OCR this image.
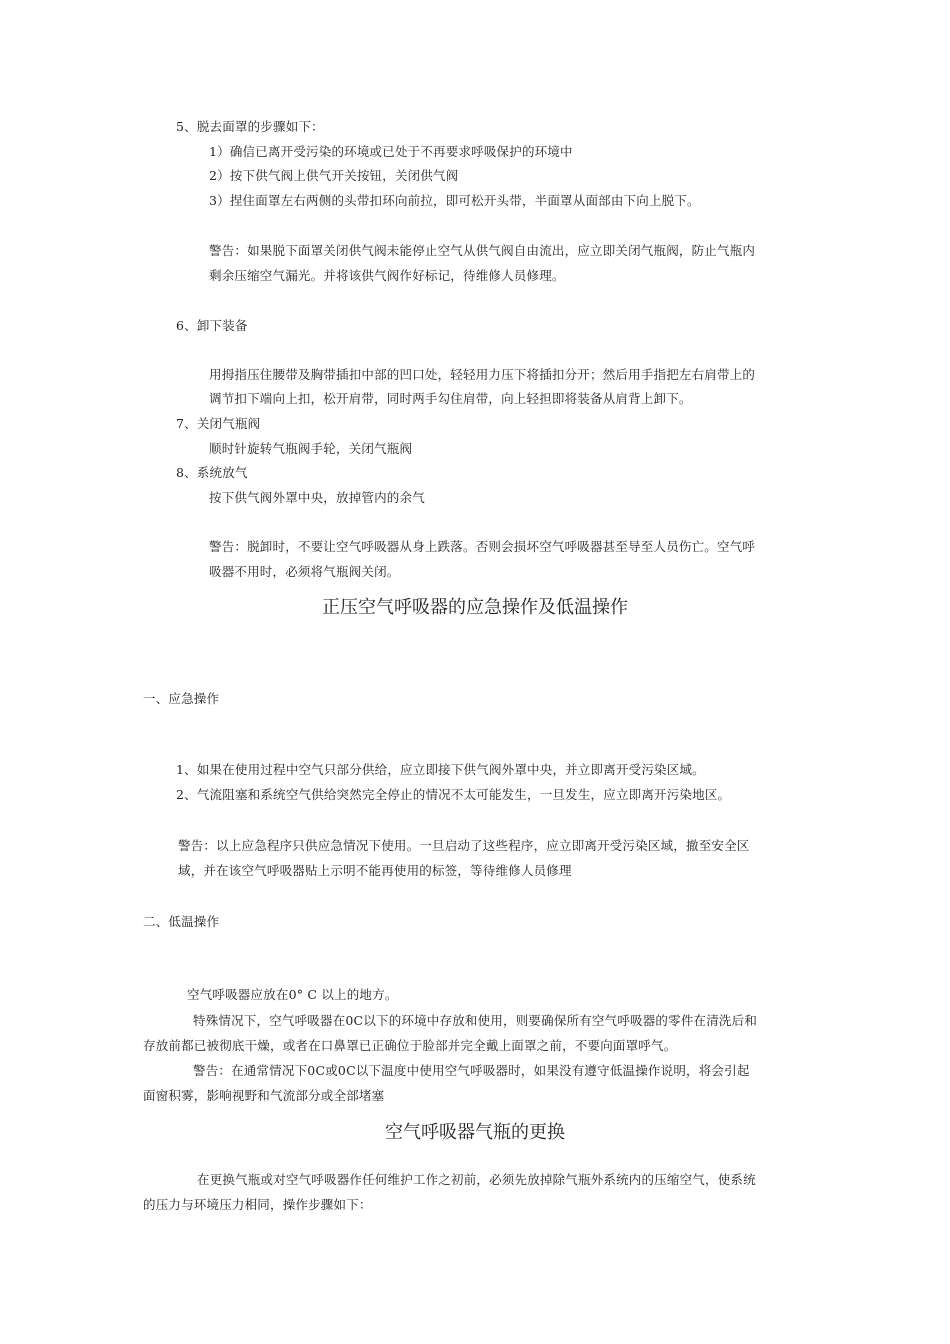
5、脱去面罩的步骤如下：
1）确信已离开受污染的环境或已处于不再要求呼吸保护的环境中
2）按下供气阀上供气开关按钮，关闭供气阀
3）捏住面罩左右两侧的头带扣环向前拉，即可松开头带，半面罩从面部由下向上脱下。
警告：如果脱下面罩关闭供气阀未能停止空气从供气阀自由流出，应立即关闭气瓶阀，防止气瓶内
剩余压缩空气漏光。并将该供气阀作好标记，待维修人员修理。
6、卸下装备
用拇指压住腰带及胸带插扣中部的凹口处，轻轻用力压下将插扣分开；然后用手指把左右肩带上的
调节扣下端向上扣，松开肩带，同时两手勾住肩带，向上轻担即将装备从肩背上卸下。
7、关闭气瓶阀
顺时针旋转气瓶阀手轮，关闭气瓶阀
8、系统放气
按下供气阀外罩中央，放掉管内的余气
警告：脱卸时，不要让空气呼吸器从身上跌落。否则会损坏空气呼吸器甚至导至人员伤亡。空气呼
吸器不用时，必须将气瓶阀关闭。
正压空气呼吸器的应急操作及低温操作
一、应急操作
1、如果在使用过程中空气只部分供给，应立即接下供气阀外罩中央，并立即离开受污染区域。
2、气流阻塞和系统空气供给突然完全停止的情况不太可能发生，一旦发生，应立即离开污染地区。
警告：以上应急程序只供应急情况下使用。一旦启动了这些程序，应立即离开受污染区域，撤至安全区
域，并在该空气呼吸器贴上示明不能再使用的标签，等待维修人员修理
二、低温操作
空气呼吸器应放在0° C 以上的地方。
特殊情况下，空气呼吸器在0C以下的环境中存放和使用，则要确保所有空气呼吸器的零件在清洗后和
存放前都已被彻底干燥，或者在口鼻罩已正确位于脸部并完全戴上面罩之前，不要向面罩呼气。
警告：在通常情况下0C或0C以下温度中使用空气呼吸器时，如果没有遵守低温操作说明，将会引起
面窗积雾，影响视野和气流部分或全部堵塞
空气呼吸器气瓶的更换
在更换气瓶或对空气呼吸器作任何维护工作之初前，必须先放掉除气瓶外系统内的压缩空气，使系统
的压力与环境压力相同，操作步骤如下：
